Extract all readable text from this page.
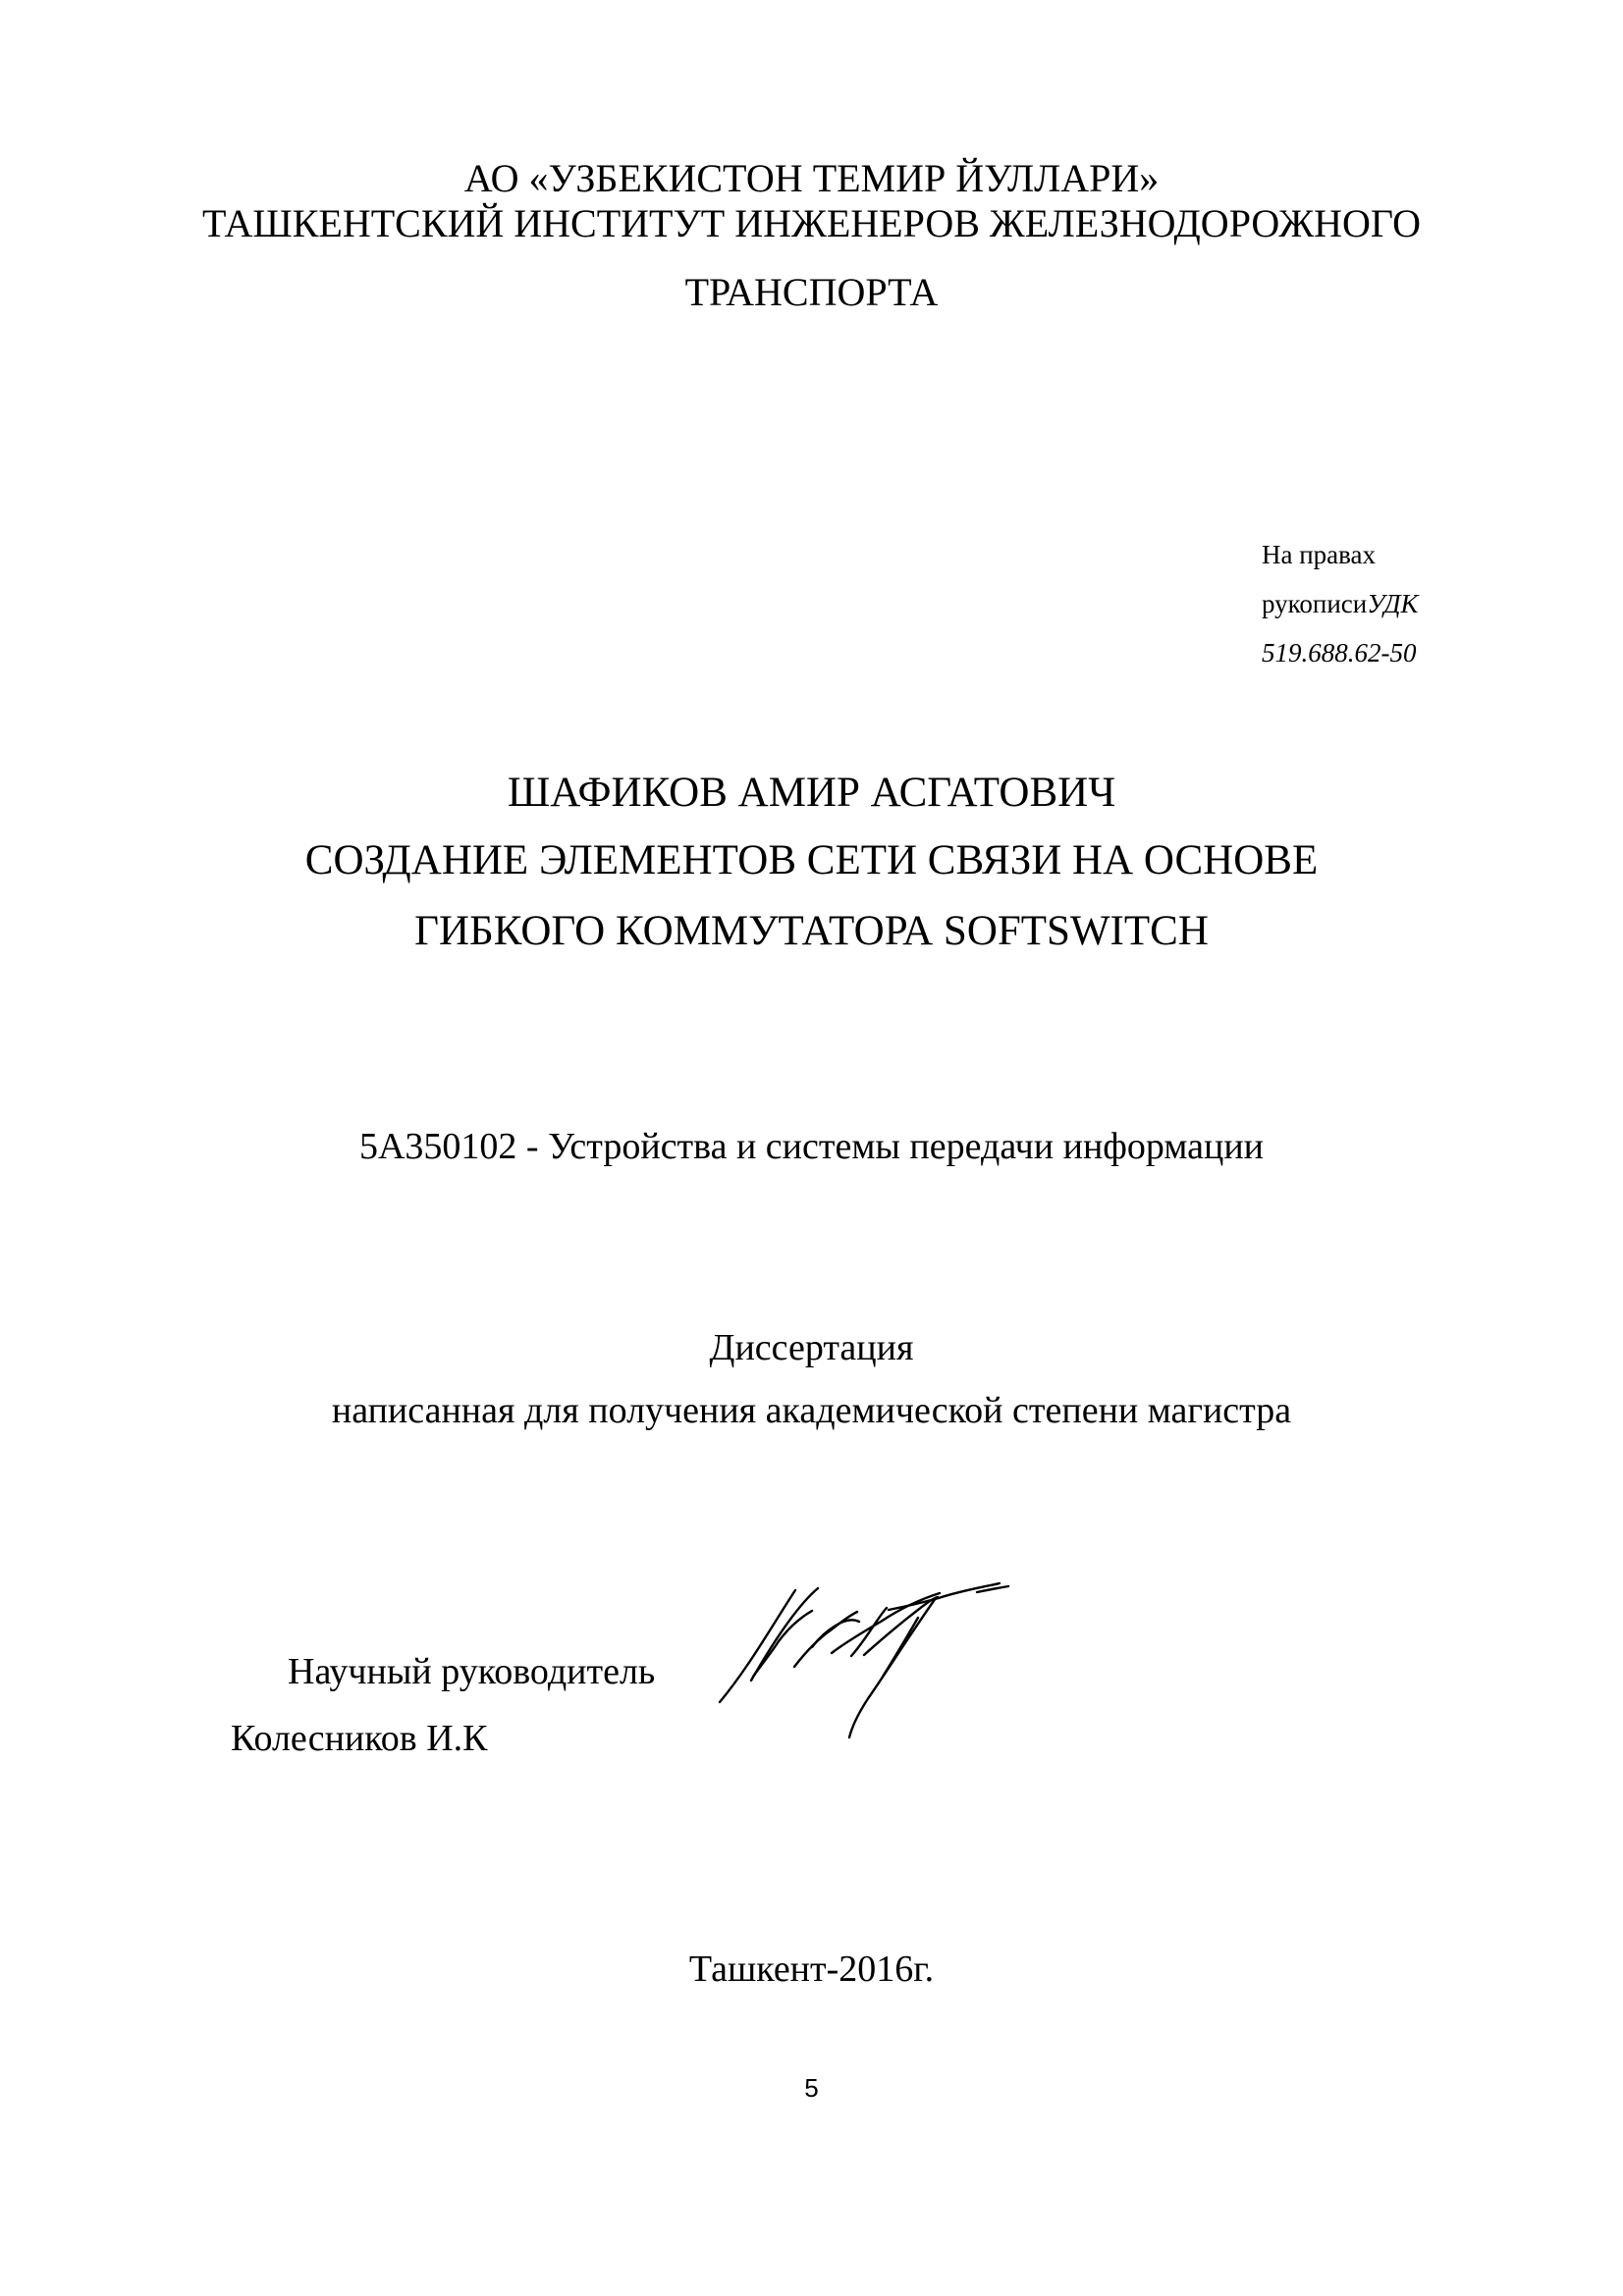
АО «УЗБЕКИСТОН ТЕМИР ЙУЛЛАРИ»
ТАШКЕНТСКИЙ ИНСТИТУТ ИНЖЕНЕРОВ ЖЕЛЕЗНОДОРОЖНОГО
ТРАНСПОРТА
На правах
рукописиУДК
519.688.62-50
ШАФИКОВ АМИР АСГАТОВИЧ
СОЗДАНИЕ ЭЛЕМЕНТОВ СЕТИ СВЯЗИ НА ОСНОВЕ
ГИБКОГО КОММУТАТОРА SOFTSWITCH
5А350102 - Устройства и системы передачи информации
Диссертация
написанная для получения академической степени магистра
Научный руководитель
Колесников И.К
Ташкент-2016г.
5
